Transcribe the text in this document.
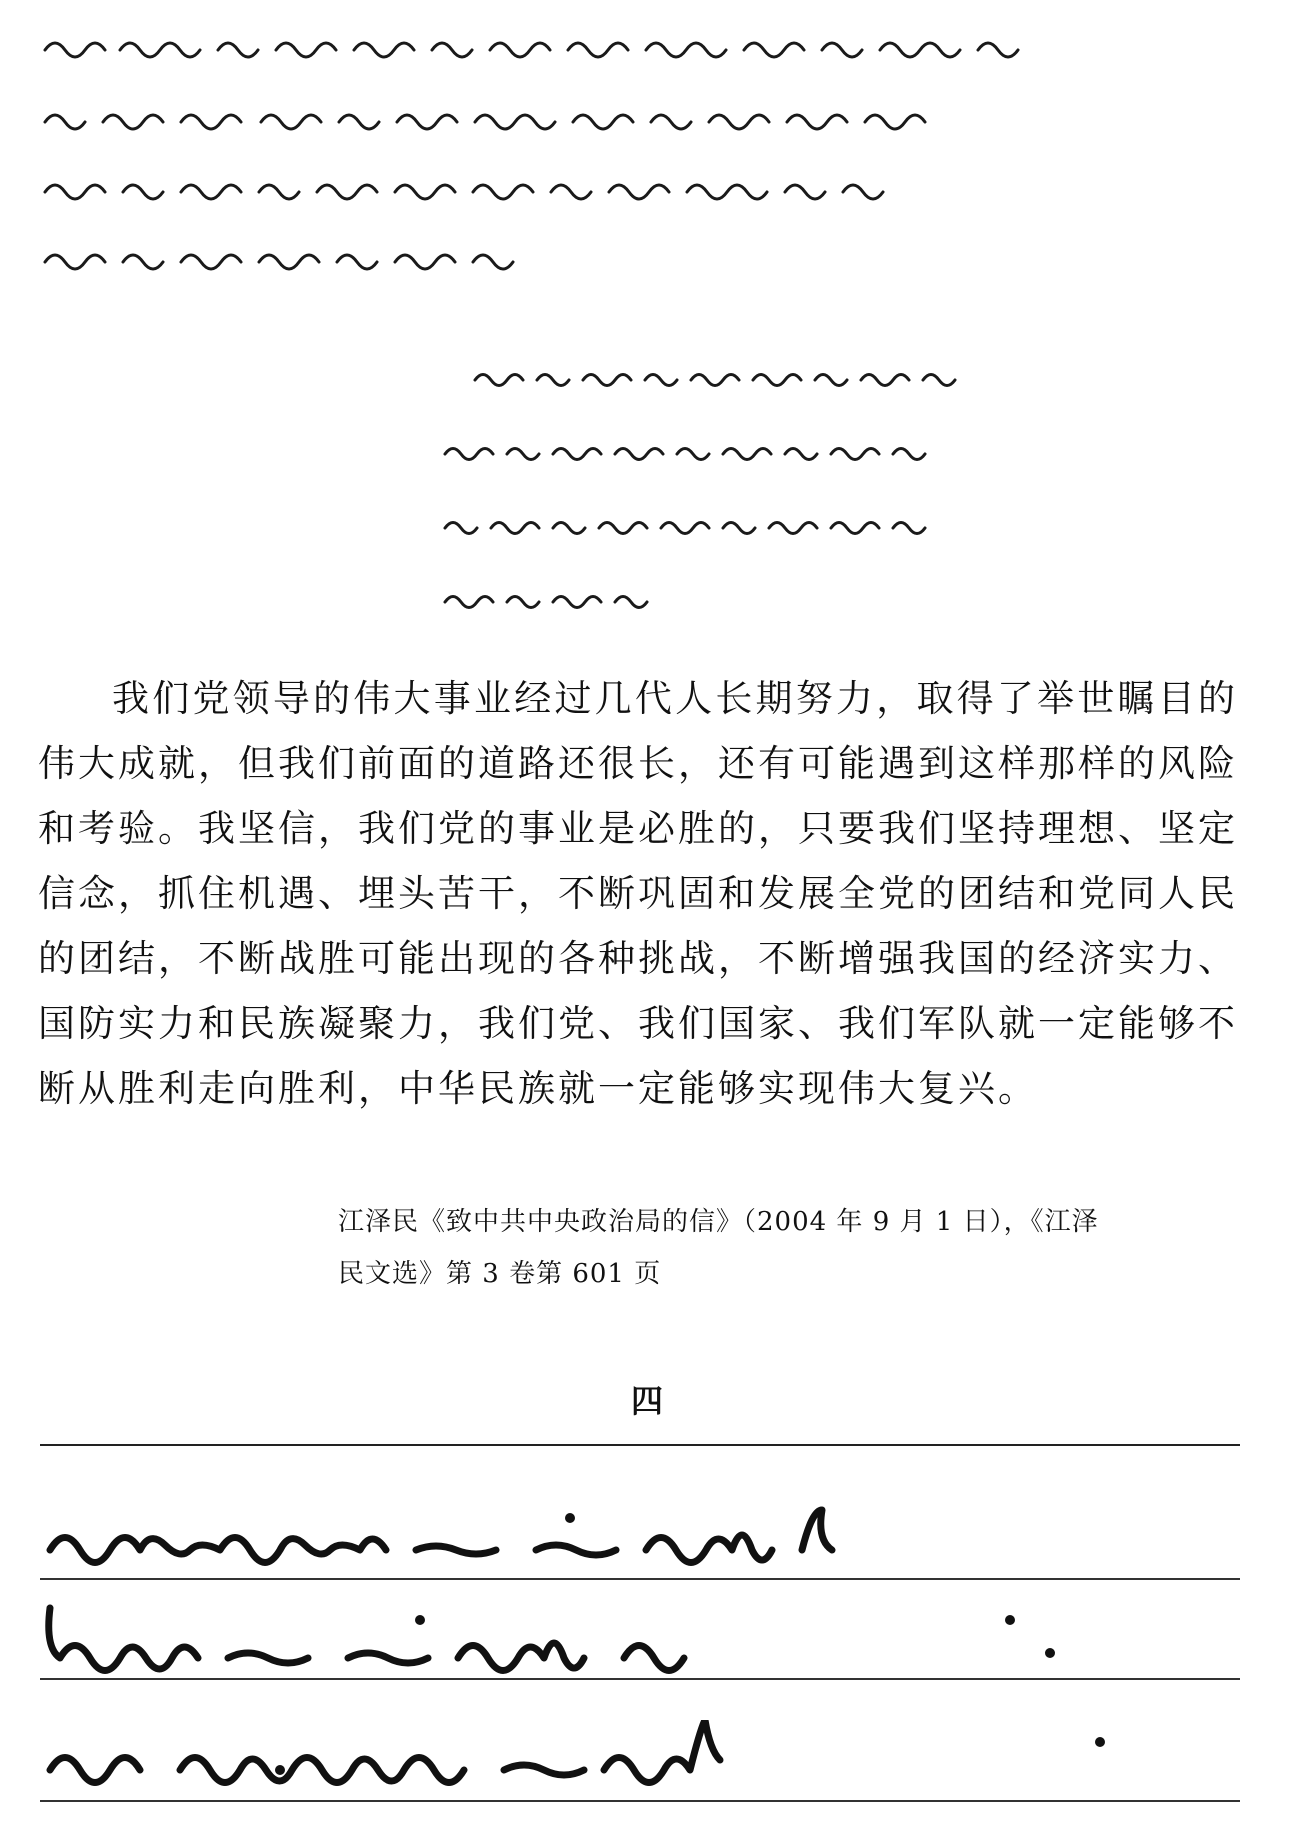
我们党领导的伟大事业经过几代人长期努力，取得了举世瞩目的伟大成就，但我们前面的道路还很长，还有可能遇到这样那样的风险和考验。我坚信，我们党的事业是必胜的，只要我们坚持理想、坚定信念，抓住机遇、埋头苦干，不断巩固和发展全党的团结和党同人民的团结，不断战胜可能出现的各种挑战，不断增强我国的经济实力、国防实力和民族凝聚力，我们党、我们国家、我们军队就一定能够不断从胜利走向胜利，中华民族就一定能够实现伟大复兴。
江泽民《致中共中央政治局的信》（2004 年 9 月 1 日），《江泽
民文选》第 3 卷第 601 页
四
